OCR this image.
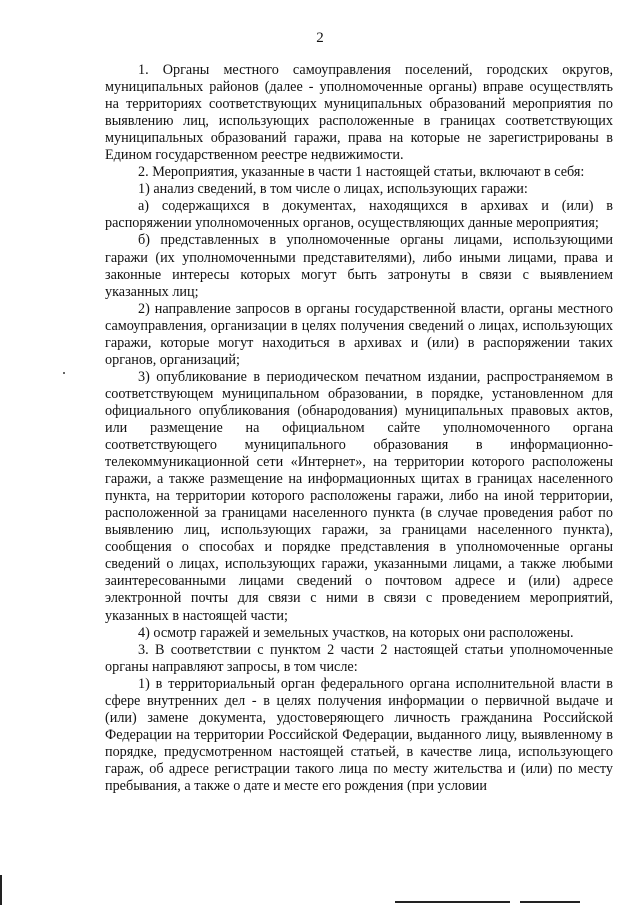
2

1. Органы местного самоуправления поселений, городских округов, муниципальных районов (далее - уполномоченные органы) вправе осуществлять на территориях соответствующих муниципальных образований мероприятия по выявлению лиц, использующих расположенные в границах соответствующих муниципальных образований гаражи, права на которые не зарегистрированы в Едином государственном реестре недвижимости.

2. Мероприятия, указанные в части 1 настоящей статьи, включают в себя:

1) анализ сведений, в том числе о лицах, использующих гаражи:

а) содержащихся в документах, находящихся в архивах и (или) в распоряжении уполномоченных органов, осуществляющих данные мероприятия;

б) представленных в уполномоченные органы лицами, использующими гаражи (их уполномоченными представителями), либо иными лицами, права и законные интересы которых могут быть затронуты в связи с выявлением указанных лиц;

2) направление запросов в органы государственной власти, органы местного самоуправления, организации в целях получения сведений о лицах, использующих гаражи, которые могут находиться в архивах и (или) в распоряжении таких органов, организаций;

3) опубликование в периодическом печатном издании, распространяемом в соответствующем муниципальном образовании, в порядке, установленном для официального опубликования (обнародования) муниципальных правовых актов, или размещение на официальном сайте уполномоченного органа соответствующего муниципального образования в информационно-телекоммуникационной сети «Интернет», на территории которого расположены гаражи, а также размещение на информационных щитах в границах населенного пункта, на территории которого расположены гаражи, либо на иной территории, расположенной за границами населенного пункта (в случае проведения работ по выявлению лиц, использующих гаражи, за границами населенного пункта), сообщения о способах и порядке представления в уполномоченные органы сведений о лицах, использующих гаражи, указанными лицами, а также любыми заинтересованными лицами сведений о почтовом адресе и (или) адресе электронной почты для связи с ними в связи с проведением мероприятий, указанных в настоящей части;

4) осмотр гаражей и земельных участков, на которых они расположены.

3. В соответствии с пунктом 2 части 2 настоящей статьи уполномоченные органы направляют запросы, в том числе:

1) в территориальный орган федерального органа исполнительной власти в сфере внутренних дел - в целях получения информации о первичной выдаче и (или) замене документа, удостоверяющего личность гражданина Российской Федерации на территории Российской Федерации, выданного лицу, выявленному в порядке, предусмотренном настоящей статьей, в качестве лица, использующего гараж, об адресе регистрации такого лица по месту жительства и (или) по месту пребывания, а также о дате и месте его рождения (при условии
